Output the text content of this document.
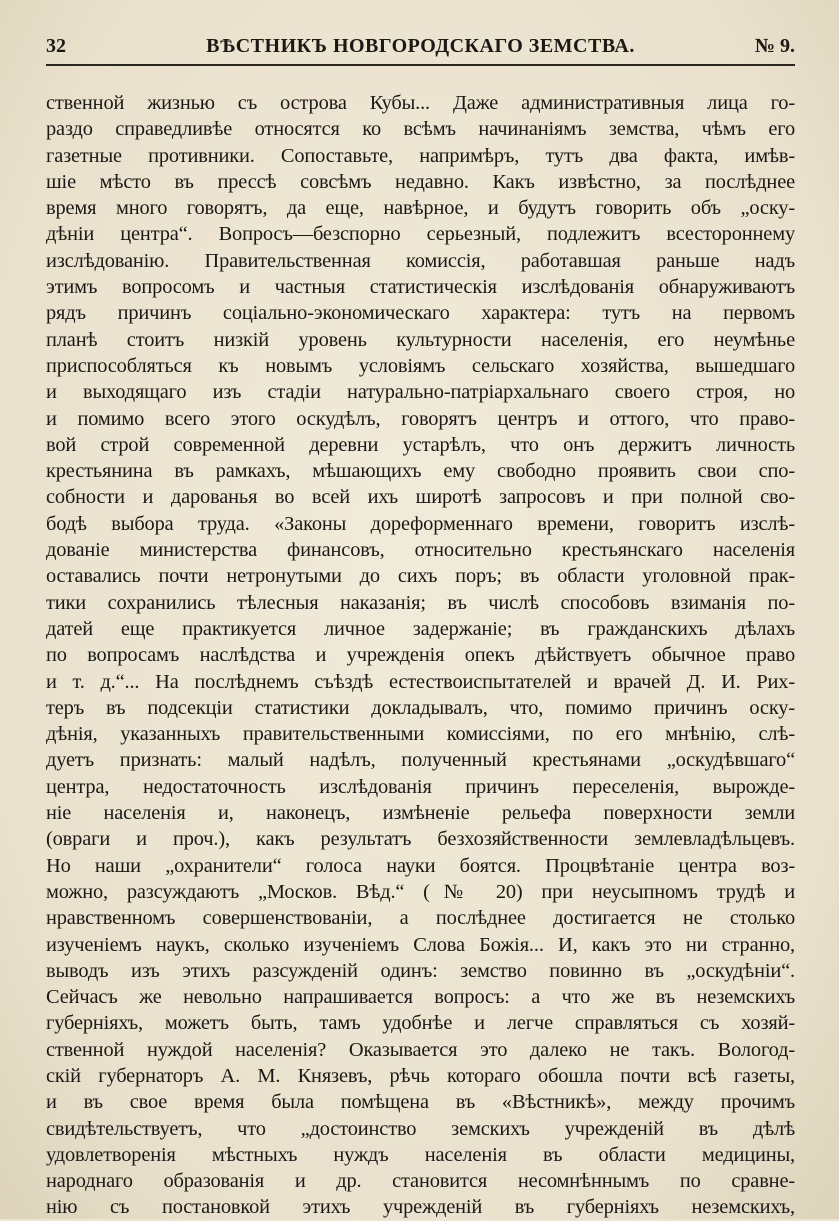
32	ВѢСТНИКЪ НОВГОРОДСКАГО ЗЕМСТВА.	№ 9.
ственной жизнью съ острова Кубы... Даже административныя лица го-
раздо справедливѣе относятся ко всѣмъ начинаніямъ земства, чѣмъ его
газетные противники. Сопоставьте, напримѣръ, тутъ два факта, имѣв-
шіе мѣсто въ прессѣ совсѣмъ недавно. Какъ извѣстно, за послѣднее
время много говорятъ, да еще, навѣрное, и будутъ говорить объ „оску-
дѣніи центра“. Вопросъ—безспорно серьезный, подлежитъ всестороннему
изслѣдованію. Правительственная комиссія, работавшая раньше надъ
этимъ вопросомъ и частныя статистическія изслѣдованія обнаруживаютъ
рядъ причинъ соціально-экономическаго характера: тутъ на первомъ
планѣ стоитъ низкій уровень культурности населенія, его неумѣнье
приспособляться къ новымъ условіямъ сельскаго хозяйства, вышедшаго
и выходящаго изъ стадіи натурально-патріархальнаго своего строя, но
и помимо всего этого оскудѣлъ, говорятъ центръ и оттого, что право-
вой строй современной деревни устарѣлъ, что онъ держитъ личность
крестьянина въ рамкахъ, мѣшающихъ ему свободно проявить свои спо-
собности и дарованья во всей ихъ широтѣ запросовъ и при полной сво-
бодѣ выбора труда. «Законы дореформеннаго времени, говоритъ изслѣ-
дованіе министерства финансовъ, относительно крестьянскаго населенія
оставались почти нетронутыми до сихъ поръ; въ области уголовной прак-
тики сохранились тѣлесныя наказанія; въ числѣ способовъ взиманія по-
датей еще практикуется личное задержаніе; въ гражданскихъ дѣлахъ
по вопросамъ наслѣдства и учрежденія опекъ дѣйствуетъ обычное право
и т. д.“... На послѣднемъ съѣздѣ естествоиспытателей и врачей Д. И. Рих-
теръ въ подсекціи статистики докладывалъ, что, помимо причинъ оску-
дѣнія, указанныхъ правительственными комиссіями, по его мнѣнію, слѣ-
дуетъ признать: малый надѣлъ, полученный крестьянами „оскудѣвшаго“
центра, недостаточность изслѣдованія причинъ переселенія, вырожде-
ніе населенія и, наконецъ, измѣненіе рельефа поверхности земли
(овраги и проч.), какъ результатъ безхозяйственности землевладѣльцевъ.
Но наши „охранители“ голоса науки боятся. Процвѣтаніе центра воз-
можно, разсуждаютъ „Москов. Вѣд.“ (№ 20) при неусыпномъ трудѣ и
нравственномъ совершенствованіи, а послѣднее достигается не столько
изученіемъ наукъ, сколько изученіемъ Слова Божія... И, какъ это ни странно,
выводъ изъ этихъ разсужденій одинъ: земство повинно въ „оскудѣніи“.
Сейчасъ же невольно напрашивается вопросъ: а что же въ неземскихъ
губерніяхъ, можетъ быть, тамъ удобнѣе и легче справляться съ хозяй-
ственной нуждой населенія? Оказывается это далеко не такъ. Вологод-
скій губернаторъ А. М. Князевъ, рѣчь котораго обошла почти всѣ газеты,
и въ свое время была помѣщена въ «Вѣстникѣ», между прочимъ
свидѣтельствуетъ, что „достоинство земскихъ учрежденій въ дѣлѣ
удовлетворенія мѣстныхъ нуждъ населенія въ области медицины,
народнаго образованія и др. становится несомнѣннымъ по сравне-
нію съ постановкой этихъ учрежденій въ губерніяхъ неземскихъ,
